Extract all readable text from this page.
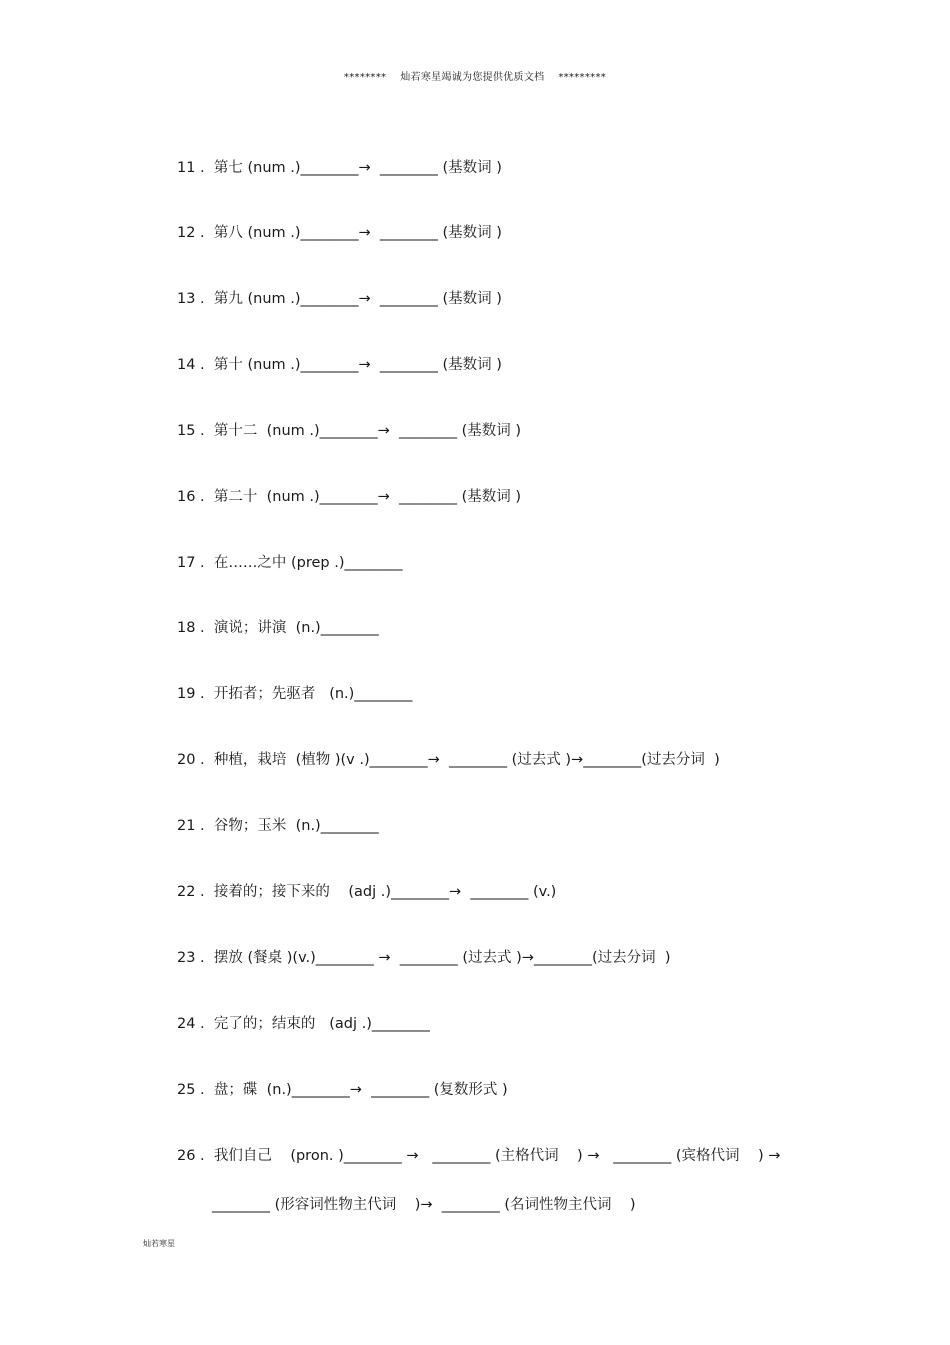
********    灿若寒星竭诚为您提供优质文档    *********
11 .  第七 (num .)________→  ________ (基数词 )
12 .  第八 (num .)________→  ________ (基数词 )
13 .  第九 (num .)________→  ________ (基数词 )
14 .  第十 (num .)________→  ________ (基数词 )
15 .  第十二  (num .)________→  ________ (基数词 )
16 .  第二十  (num .)________→  ________ (基数词 )
17 .  在……之中 (prep .)________
18 .  演说；讲演  (n.)________
19 .  开拓者；先驱者   (n.)________
20 .  种植，栽培  (植物 )(v .)________→  ________ (过去式 )→________(过去分词  )
21 .  谷物；玉米  (n.)________
22 .  接着的；接下来的    (adj .)________→  ________ (v.)
23 .  摆放 (餐桌 )(v.)________ →  ________ (过去式 )→________(过去分词  )
24 .  完了的；结束的   (adj .)________
25 .  盘；碟  (n.)________→  ________ (复数形式 )
26 .  我们自己    (pron. )________ →   ________ (主格代词    ) →   ________ (宾格代词    ) →
________ (形容词性物主代词    )→  ________ (名词性物主代词    )
灿若寒星
